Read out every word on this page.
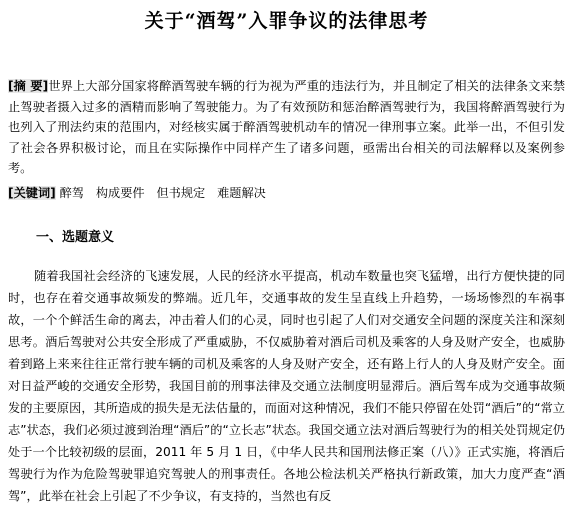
关于“酒驾”入罪争议的法律思考
[摘 要]世界上大部分国家将醉酒驾驶车辆的行为视为严重的违法行为，并且制定了相关的法律条文来禁止驾驶者摄入过多的酒精而影响了驾驶能力。为了有效预防和惩治醉酒驾驶行为，我国将醉酒驾驶行为也列入了刑法约束的范围内，对经核实属于醉酒驾驶机动车的情况一律刑事立案。此举一出，不但引发了社会各界积极讨论，而且在实际操作中同样产生了诸多问题，亟需出台相关的司法解释以及案例参考。
[关键词] 醉驾 构成要件 但书规定 难题解决
一、选题意义
随着我国社会经济的飞速发展，人民的经济水平提高，机动车数量也突飞猛增，出行方便快捷的同时，也存在着交通事故频发的弊端。近几年，交通事故的发生呈直线上升趋势，一场场惨烈的车祸事故，一个个鲜活生命的离去，冲击着人们的心灵，同时也引起了人们对交通安全问题的深度关注和深刻思考。酒后驾驶对公共安全形成了严重威胁，不仅威胁着对酒后司机及乘客的人身及财产安全，也威胁着到路上来来往往正常行驶车辆的司机及乘客的人身及财产安全，还有路上行人的人身及财产安全。面对日益严峻的交通安全形势，我国目前的刑事法律及交通立法制度明显滞后。酒后驾车成为交通事故频发的主要原因，其所造成的损失是无法估量的，而面对这种情况，我们不能只停留在处罚“酒后”的“常立志”状态，我们必须过渡到治理“酒后”的“立长志”状态。我国交通立法对酒后驾驶行为的相关处罚规定仍处于一个比较初级的层面，2011 年 5 月 1 日，《中华人民共和国刑法修正案（八）》正式实施，将酒后驾驶行为作为危险驾驶罪追究驾驶人的刑事责任。各地公检法机关严格执行新政策，加大力度严查“酒驾”，此举在社会上引起了不少争议，有支持的，当然也有反
